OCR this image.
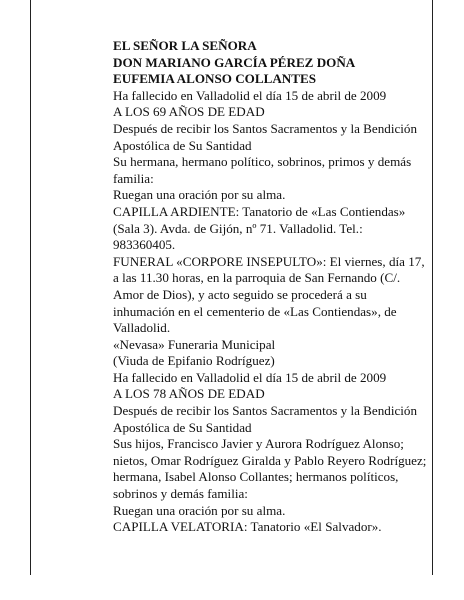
EL SEÑOR LA SEÑORA

DON MARIANO GARCÍA PÉREZ DOÑA

EUFEMIA ALONSO COLLANTES

Ha fallecido en Valladolid el día 15 de abril de 2009

A LOS 69 AÑOS DE EDAD

Después de recibir los Santos Sacramentos y la Bendición Apostólica de Su Santidad

Su hermana, hermano político, sobrinos, primos y demás familia:

Ruegan una oración por su alma.

CAPILLA ARDIENTE: Tanatorio de «Las Contiendas» (Sala 3). Avda. de Gijón, nº 71. Valladolid. Tel.: 983360405.

FUNERAL «CORPORE INSEPULTO»: El viernes, día 17, a las 11.30 horas, en la parroquia de San Fernando (C/. Amor de Dios), y acto seguido se procederá a su inhumación en el cementerio de «Las Contiendas», de Valladolid.

«Nevasa» Funeraria Municipal

(Viuda de Epifanio Rodríguez)

Ha fallecido en Valladolid el día 15 de abril de 2009

A LOS 78 AÑOS DE EDAD

Después de recibir los Santos Sacramentos y la Bendición Apostólica de Su Santidad

Sus hijos, Francisco Javier y Aurora Rodríguez Alonso; nietos, Omar Rodríguez Giralda y Pablo Reyero Rodríguez; hermana, Isabel Alonso Collantes; hermanos políticos, sobrinos y demás familia:

Ruegan una oración por su alma.

CAPILLA VELATORIA: Tanatorio «El Salvador».
